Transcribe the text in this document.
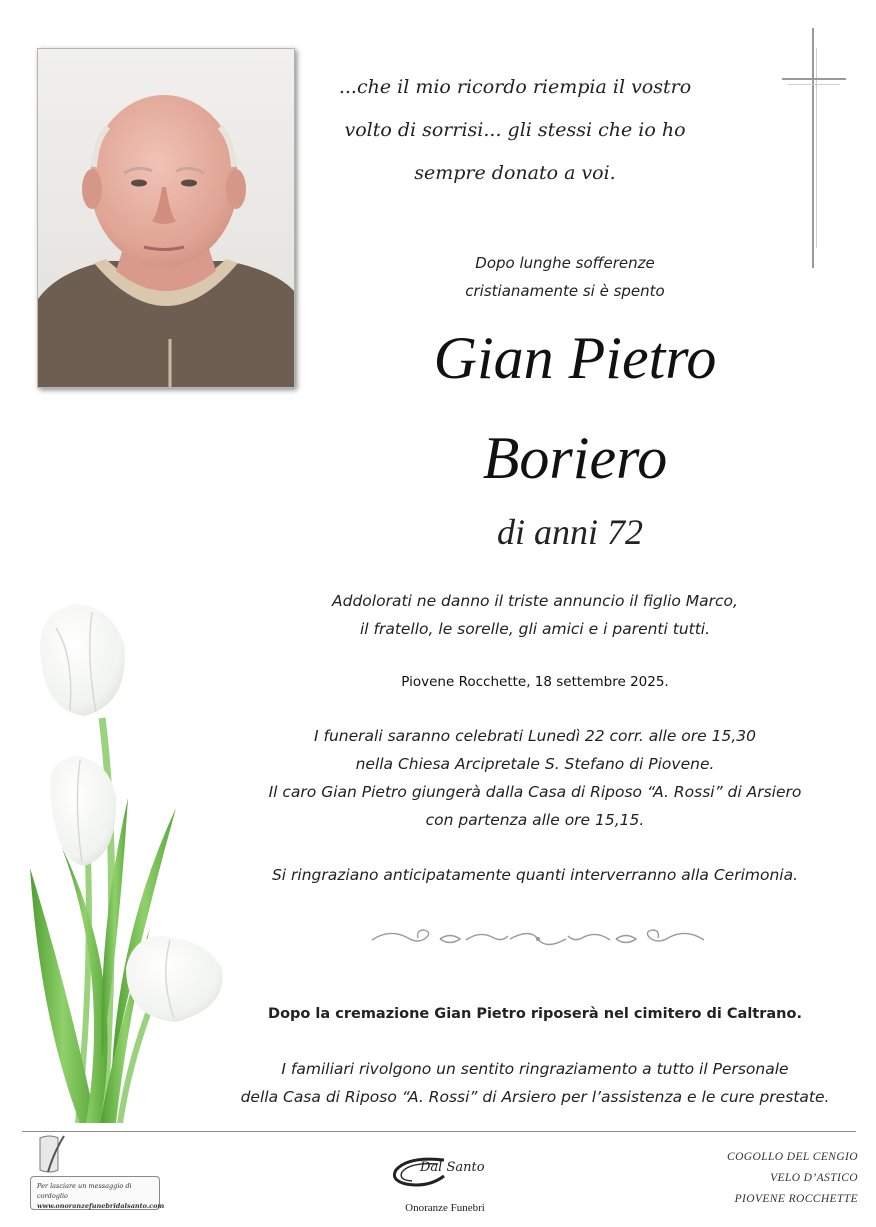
...che il mio ricordo riempia il vostro
volto di sorrisi... gli stessi che io ho
sempre donato a voi.
Dopo lunghe sofferenze
cristianamente si è spento
Gian Pietro
Boriero
di anni 72
Addolorati ne danno il triste annuncio il figlio Marco,
il fratello, le sorelle, gli amici e i parenti tutti.
Piovene Rocchette, 18 settembre 2025.
I funerali saranno celebrati Lunedì 22 corr. alle ore 15,30
nella Chiesa Arcipretale S. Stefano di Piovene.
Il caro Gian Pietro giungerà dalla Casa di Riposo “A. Rossi” di Arsiero
con partenza alle ore 15,15.
Si ringraziano anticipatamente quanti interverranno alla Cerimonia.
Dopo la cremazione Gian Pietro riposerà nel cimitero di Caltrano.
I familiari rivolgono un sentito ringraziamento a tutto il Personale
della Casa di Riposo “A. Rossi” di Arsiero per l’assistenza e le cure prestate.
Per lasciare un messaggio di cordoglio
www.onoranzefunebridalsanto.com
Dal Santo
Onoranze Funebri
COGOLLO DEL CENGIO
VELO D’ASTICO
PIOVENE ROCCHETTE
